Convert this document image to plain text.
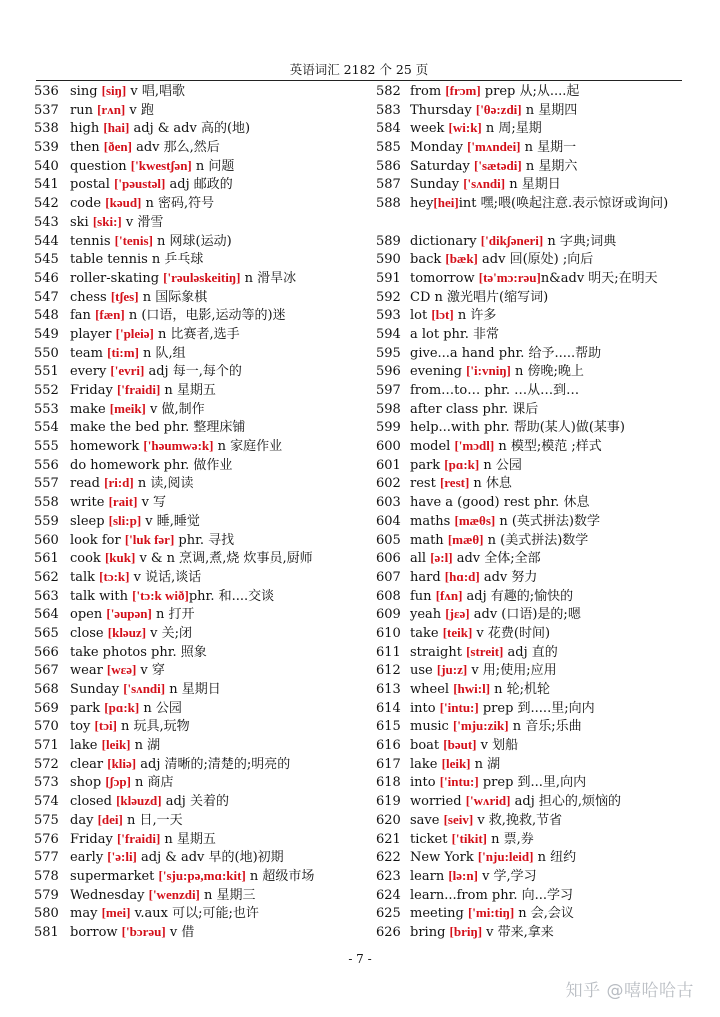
英语词汇 2182 个 25 页
536 sing [siŋ] v 唱,唱歌
537 run [rʌn] v 跑
538 high [hai] adj & adv 高的(地)
539 then [ðen] adv 那么,然后
540 question ['kwestʃən] n 问题
541 postal ['pəustəl] adj 邮政的
542 code [kəud] n 密码,符号
543 ski [ski:] v 滑雪
544 tennis ['tenis] n 网球(运动)
545 table tennis n 乒乓球
546 roller-skating ['rəuləskeitiŋ] n 滑旱冰
547 chess [tʃes] n 国际象棋
548 fan [fæn] n (口语，电影,运动等的)迷
549 player ['pleiə] n 比赛者,选手
550 team [ti:m] n 队,组
551 every ['evri] adj 每一,每个的
552 Friday ['fraidi] n 星期五
553 make [meik] v 做,制作
554 make the bed phr. 整理床铺
555 homework ['həumwə:k] n 家庭作业
556 do homework phr. 做作业
557 read [ri:d] n 读,阅读
558 write [rait] v 写
559 sleep [sli:p] v 睡,睡觉
560 look for ['luk fər] phr. 寻找
561 cook [kuk] v & n 烹调,煮,烧 炊事员,厨师
562 talk [tɔ:k] v 说话,谈话
563 talk with ['tɔ:k wið]phr. 和....交谈
564 open ['əupən] n 打开
565 close [kləuz] v 关;闭
566 take photos phr. 照象
567 wear [wεə] v 穿
568 Sunday ['sʌndi] n 星期日
569 park [pɑ:k] n 公园
570 toy [tɔi] n 玩具,玩物
571 lake [leik] n 湖
572 clear [kliə] adj 清晰的;清楚的;明亮的
573 shop [ʃɔp] n 商店
574 closed [kləuzd] adj 关着的
575 day [dei] n 日,一天
576 Friday ['fraidi] n 星期五
577 early ['ə:li] adj & adv 早的(地)初期
578 supermarket ['sju:pə,mɑ:kit] n 超级市场
579 Wednesday ['wenzdi] n 星期三
580 may [mei] v.aux 可以;可能;也许
581 borrow ['bɔrəu] v 借
582 from [frɔm] prep 从;从....起
583 Thursday ['θə:zdi] n 星期四
584 week [wi:k] n 周;星期
585 Monday ['mʌndei] n 星期一
586 Saturday ['sætədi] n 星期六
587 Sunday ['sʌndi] n 星期日
588 hey[hei]int 嘿;喂(唤起注意.表示惊讶或询问)
589 dictionary ['dikʃəneri] n 字典;词典
590 back [bæk] adv 回(原处) ;向后
591 tomorrow [tə'mɔ:rəu]n&adv 明天;在明天
592 CD n 激光唱片(缩写词)
593 lot [lɔt] n 许多
594 a lot phr. 非常
595 give...a hand phr. 给予.....帮助
596 evening ['i:vniŋ] n 傍晚;晚上
597 from…to… phr. …从…到…
598 after class phr. 课后
599 help...with phr. 帮助(某人)做(某事)
600 model ['mɔdl] n 模型;模范 ;样式
601 park [pɑ:k] n 公园
602 rest [rest] n 休息
603 have a (good) rest phr. 休息
604 maths [mæθs] n (英式拼法)数学
605 math [mæθ] n (美式拼法)数学
606 all [ə:l] adv 全体;全部
607 hard [hɑ:d] adv 努力
608 fun [fʌn] adj 有趣的;愉快的
609 yeah [jεə] adv (口语)是的;嗯
610 take [teik] v 花费(时间)
611 straight [streit] adj 直的
612 use [ju:z] v 用;使用;应用
613 wheel [hwi:l] n 轮;机轮
614 into ['intu:] prep 到.....里;向内
615 music ['mju:zik] n 音乐;乐曲
616 boat [bəut] v 划船
617 lake [leik] n 湖
618 into ['intu:] prep 到...里,向内
619 worried ['wʌrid] adj 担心的,烦恼的
620 save [seiv] v 救,挽救,节省
621 ticket ['tikit] n 票,券
622 New York ['nju:leid] n 纽约
623 learn [lə:n] v 学,学习
624 learn...from phr. 向...学习
625 meeting ['mi:tiŋ] n 会,会议
626 bring [briŋ] v 带来,拿来
- 7 -
知乎 @嘻哈哈古
